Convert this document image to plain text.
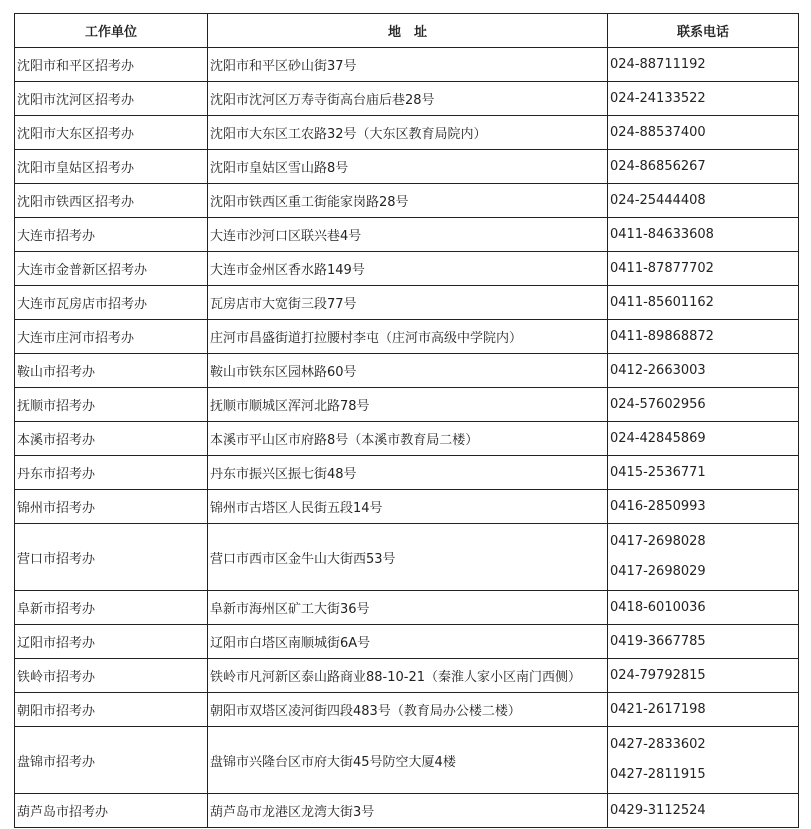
工作单位	地　址	联系电话
沈阳市和平区招考办	沈阳市和平区砂山街37号	024-88711192

沈阳市沈河区招考办	沈阳市沈河区万寿寺街高台庙后巷28号	024-24133522

沈阳市大东区招考办	沈阳市大东区工农路32号（大东区教育局院内）	024-88537400

沈阳市皇姑区招考办	沈阳市皇姑区雪山路8号	024-86856267

沈阳市铁西区招考办	沈阳市铁西区重工街能家岗路28号	024-25444408

大连市招考办	大连市沙河口区联兴巷4号	0411-84633608

大连市金普新区招考办	大连市金州区香水路149号	0411-87877702

大连市瓦房店市招考办	瓦房店市大宽街三段77号	0411-85601162

大连市庄河市招考办	庄河市昌盛街道打拉腰村李屯（庄河市高级中学院内）	0411-89868872

鞍山市招考办	鞍山市铁东区园林路60号	0412-2663003

抚顺市招考办	抚顺市顺城区浑河北路78号	024-57602956

本溪市招考办	本溪市平山区市府路8号（本溪市教育局二楼）	024-42845869

丹东市招考办	丹东市振兴区振七街48号	0415-2536771

锦州市招考办	锦州市古塔区人民街五段14号	0416-2850993

营口市招考办	营口市西市区金牛山大街西53号	0417-2698028
0417-2698029

阜新市招考办	阜新市海州区矿工大街36号	0418-6010036

辽阳市招考办	辽阳市白塔区南顺城街6A号	0419-3667785

铁岭市招考办	铁岭市凡河新区泰山路商业88-10-21（秦淮人家小区南门西侧）	024-79792815

朝阳市招考办	朝阳市双塔区凌河街四段483号（教育局办公楼二楼）	0421-2617198

盘锦市招考办	盘锦市兴隆台区市府大街45号防空大厦4楼	0427-2833602
0427-2811915

葫芦岛市招考办	葫芦岛市龙港区龙湾大街3号	0429-3112524
